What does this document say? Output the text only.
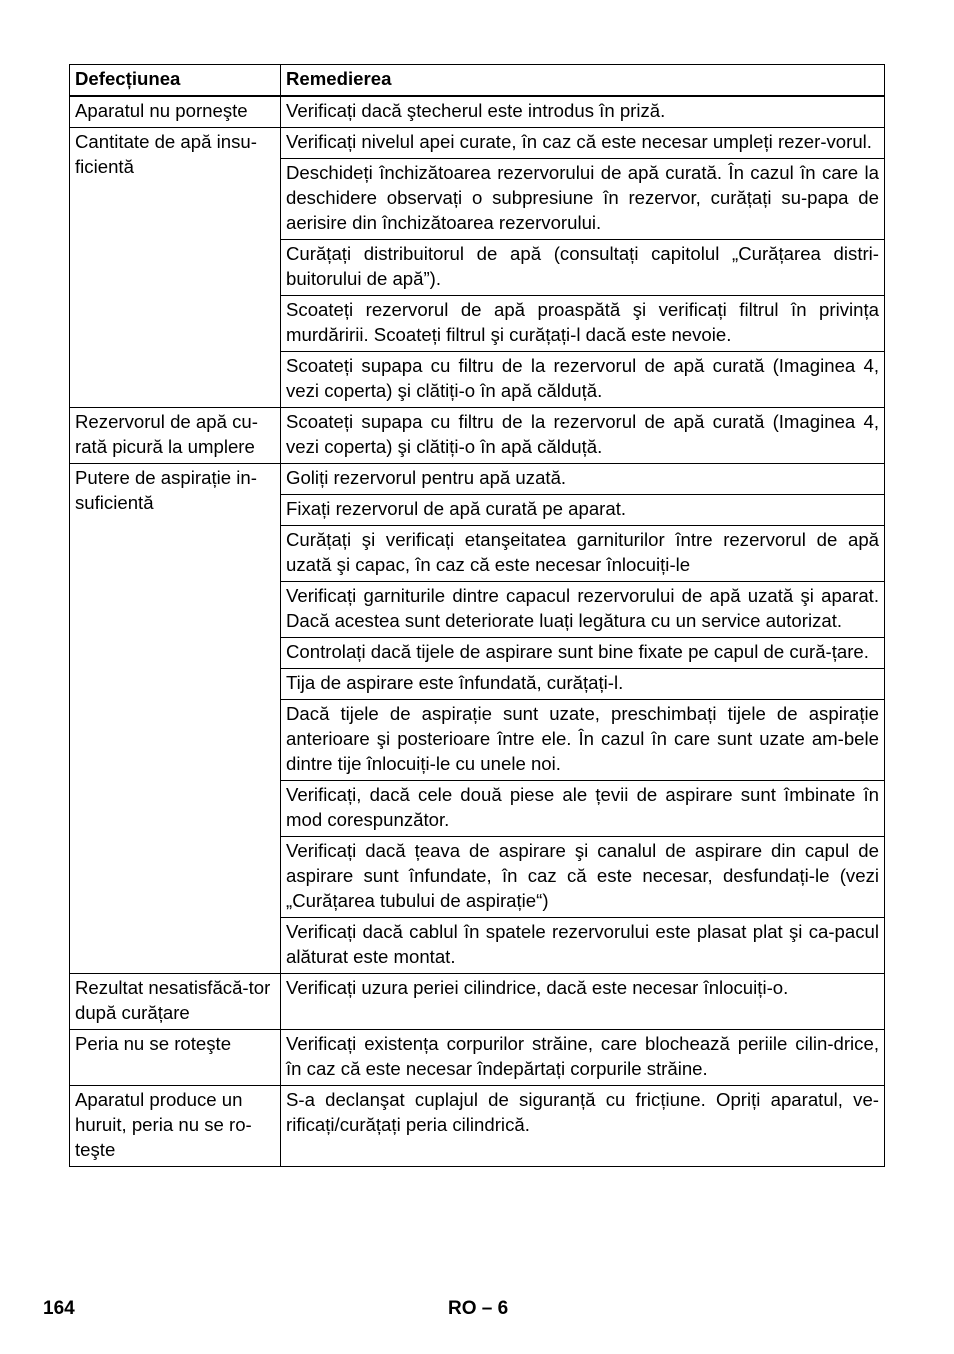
Defecțiunea	Remedierea
Aparatul nu porneşte	Verificați dacă ştecherul este introdus în priză.
Cantitate de apă insu-ficientă	Verificați nivelul apei curate, în caz că este necesar umpleți rezer-vorul.
	Deschideți închizătoarea rezervorului de apă curată. În cazul în care la deschidere observați o subpresiune în rezervor, curățați su-papa de aerisire din închizătoarea rezervorului.
	Curățați distribuitorul de apă (consultați capitolul „Curățarea distri-buitorului de apă”).
	Scoateți rezervorul de apă proaspătă şi verificați filtrul în privința murdăririi. Scoateți filtrul şi curățați-l dacă este nevoie.
	Scoateți supapa cu filtru de la rezervorul de apă curată (Imaginea 4, vezi coperta) şi clătiți-o în apă călduță.
Rezervorul de apă cu-rată picură la umplere	Scoateți supapa cu filtru de la rezervorul de apă curată (Imaginea 4, vezi coperta) şi clătiți-o în apă călduță.
Putere de aspirație in-suficientă	Goliți rezervorul pentru apă uzată.
	Fixați rezervorul de apă curată pe aparat.
	Curățați şi verificați etanşeitatea garniturilor între rezervorul de apă uzată şi capac, în caz că este necesar înlocuiți-le
	Verificați garniturile dintre capacul rezervorului de apă uzată şi aparat. Dacă acestea sunt deteriorate luați legătura cu un service autorizat.
	Controlați dacă tijele de aspirare sunt bine fixate pe capul de cură-țare.
	Tija de aspirare este înfundată, curățați-l.
	Dacă tijele de aspirație sunt uzate, preschimbați tijele de aspirație anterioare şi posterioare între ele. În cazul în care sunt uzate am-bele dintre tije înlocuiți-le cu unele noi.
	Verificați, dacă cele două piese ale țevii de aspirare sunt îmbinate în mod corespunzător.
	Verificați dacă țeava de aspirare şi canalul de aspirare din capul de aspirare sunt înfundate, în caz că este necesar, desfundați-le (vezi „Curățarea tubului de aspirație“)
	Verificați dacă cablul în spatele rezervorului este plasat plat şi ca-pacul alăturat este montat.
Rezultat nesatisfăcă-tor după curățare	Verificați uzura periei cilindrice, dacă este necesar înlocuiți-o.
Peria nu se roteşte	Verificați existența corpurilor străine, care blochează periile cilin-drice, în caz că este necesar îndepărtați corpurile străine.
Aparatul produce un huruit, peria nu se ro-teşte	S-a declanşat cuplajul de siguranță cu fricțiune. Opriți aparatul, ve-rificați/curățați peria cilindrică.
164	RO – 6
